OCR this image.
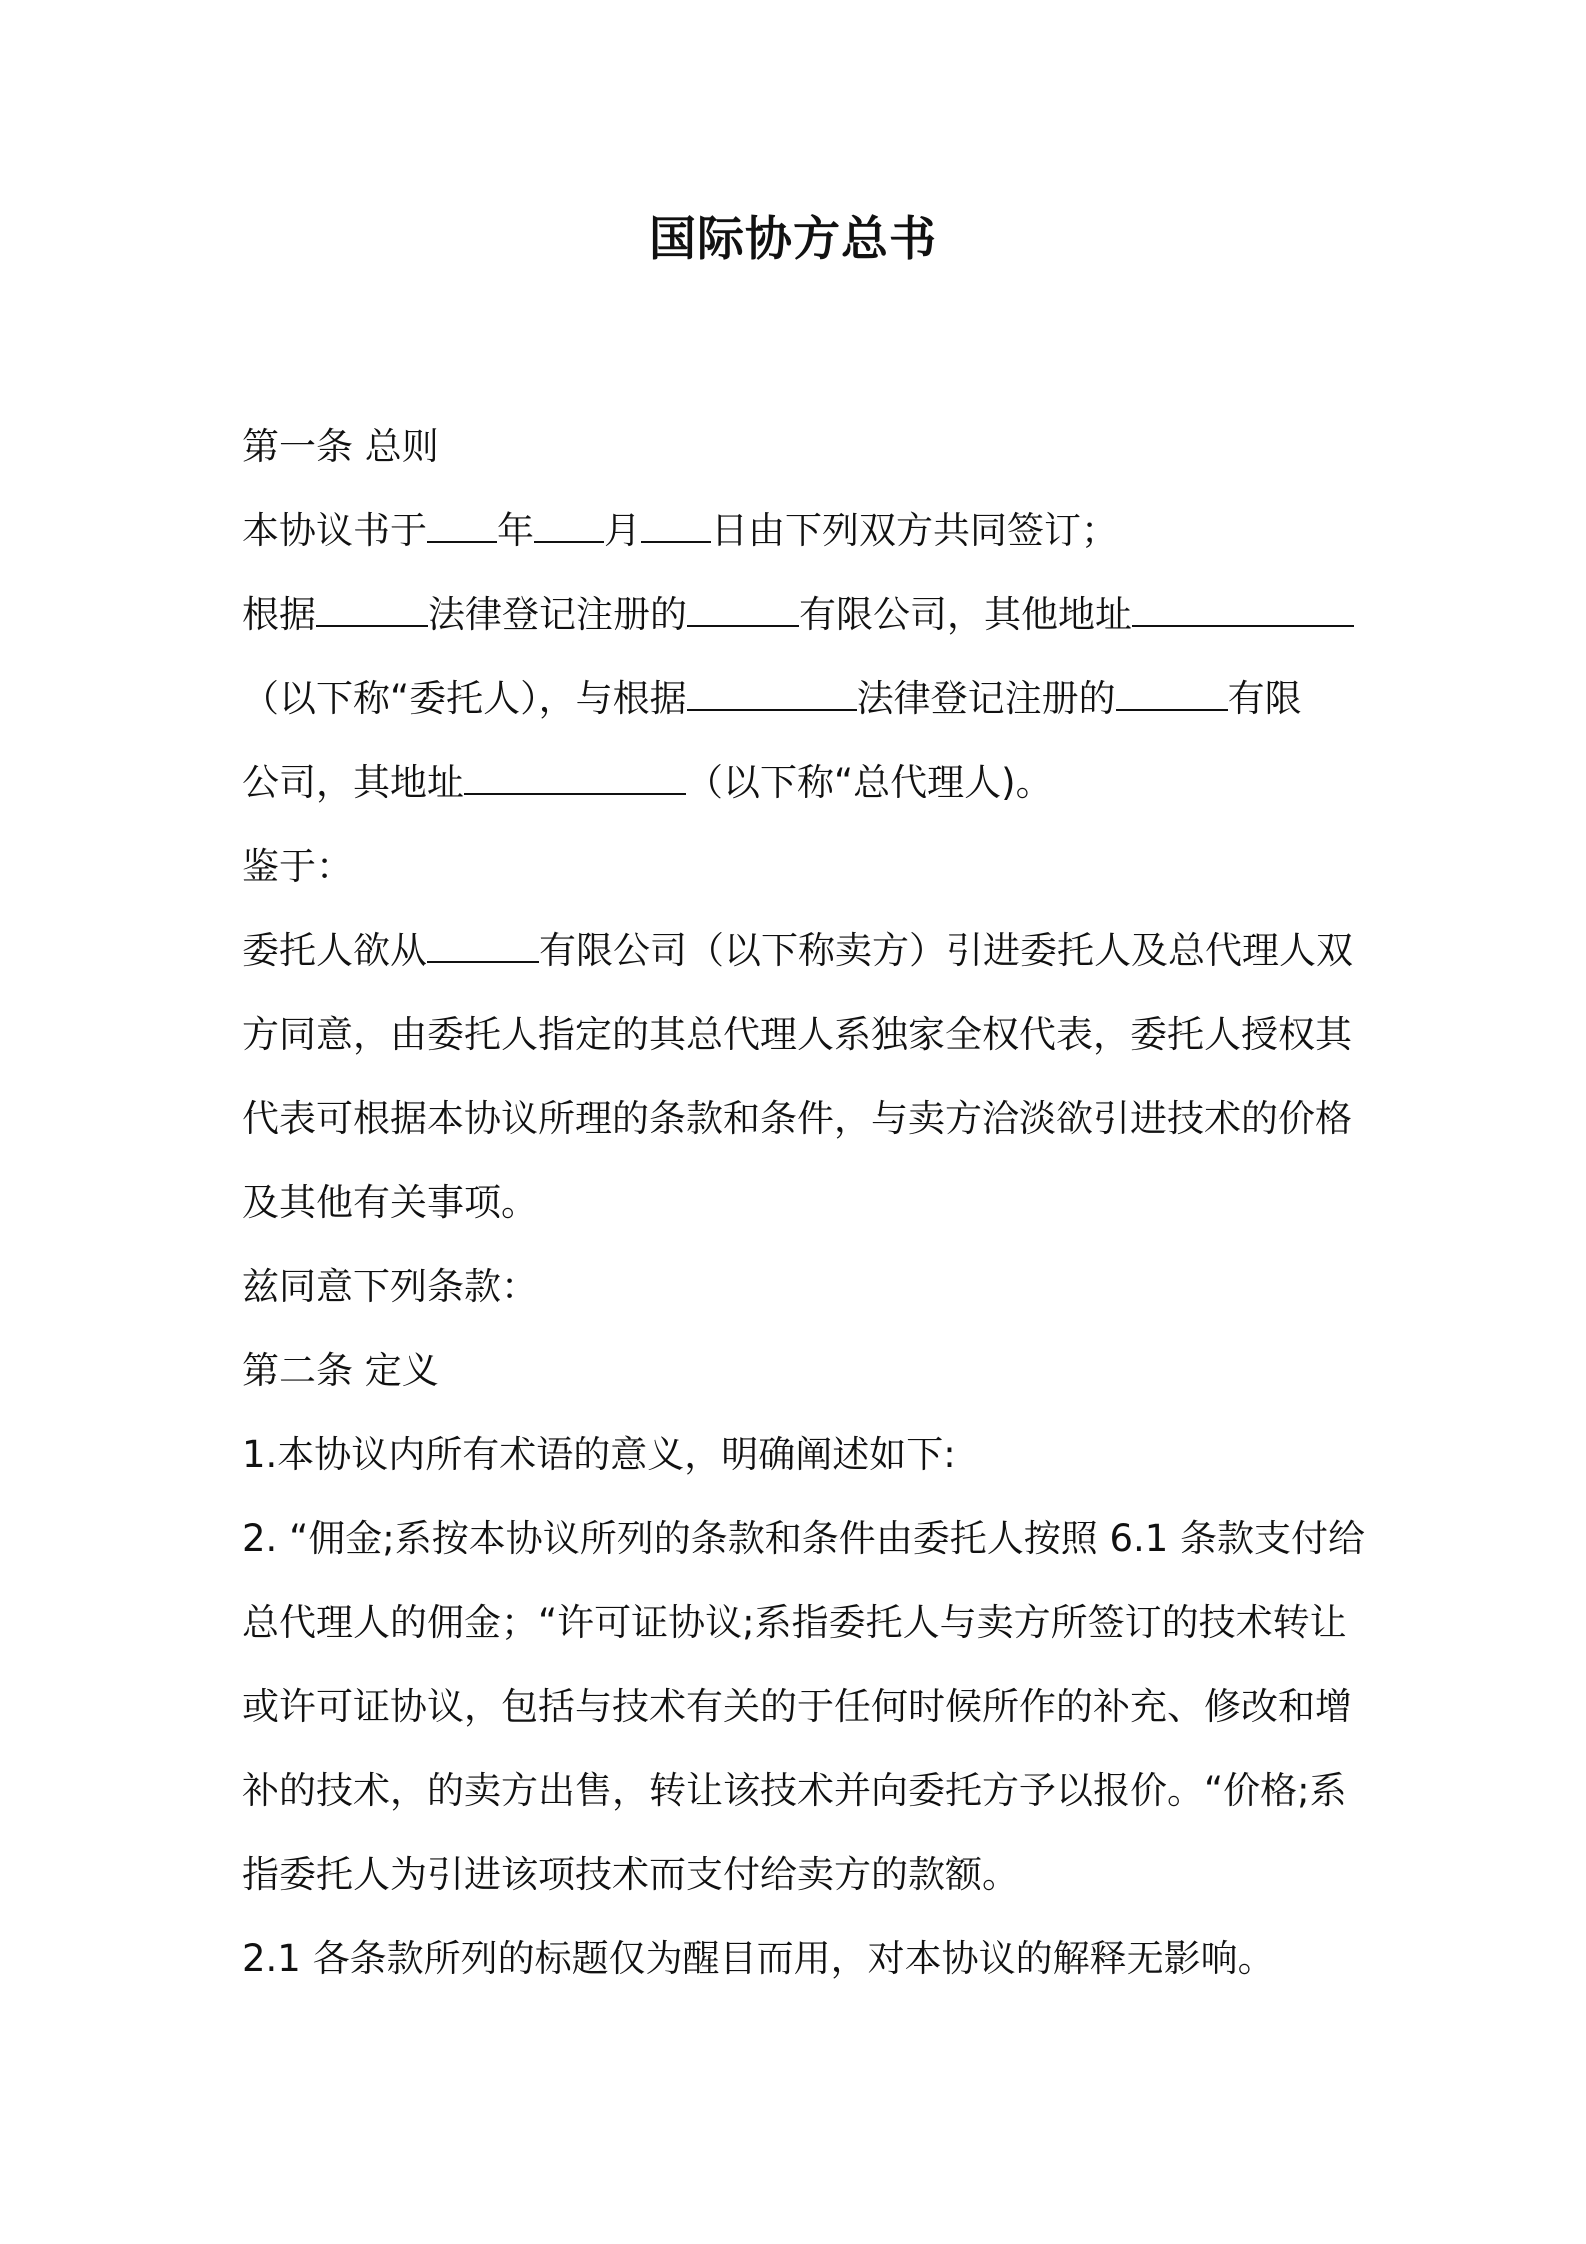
国际协方总书
第一条 总则
本协议书于 年 月 日由下列双方共同签订；
根据	法律登记注册的	有限公司，其他地址
（以下称“委托人），与根据	法律登记注册的	有限
公司，其地址	（以下称“总代理人)。
鉴于：
委托人欲从	有限公司（以下称卖方）引进委托人及总代理人双
方同意，由委托人指定的其总代理人系独家全权代表，委托人授权其
代表可根据本协议所理的条款和条件，与卖方洽淡欲引进技术的价格
及其他有关事项。
兹同意下列条款：
第二条 定义
1.本协议内所有术语的意义，明确阐述如下:
2. “佣金;系按本协议所列的条款和条件由委托人按照 6.1 条款支付给
总代理人的佣金；“许可证协议;系指委托人与卖方所签订的技术转让
或许可证协议，包括与技术有关的于任何时候所作的补充、修改和增
补的技术，的卖方出售，转让该技术并向委托方予以报价。“价格;系
指委托人为引进该项技术而支付给卖方的款额。
2.1 各条款所列的标题仅为醒目而用，对本协议的解释无影响。
